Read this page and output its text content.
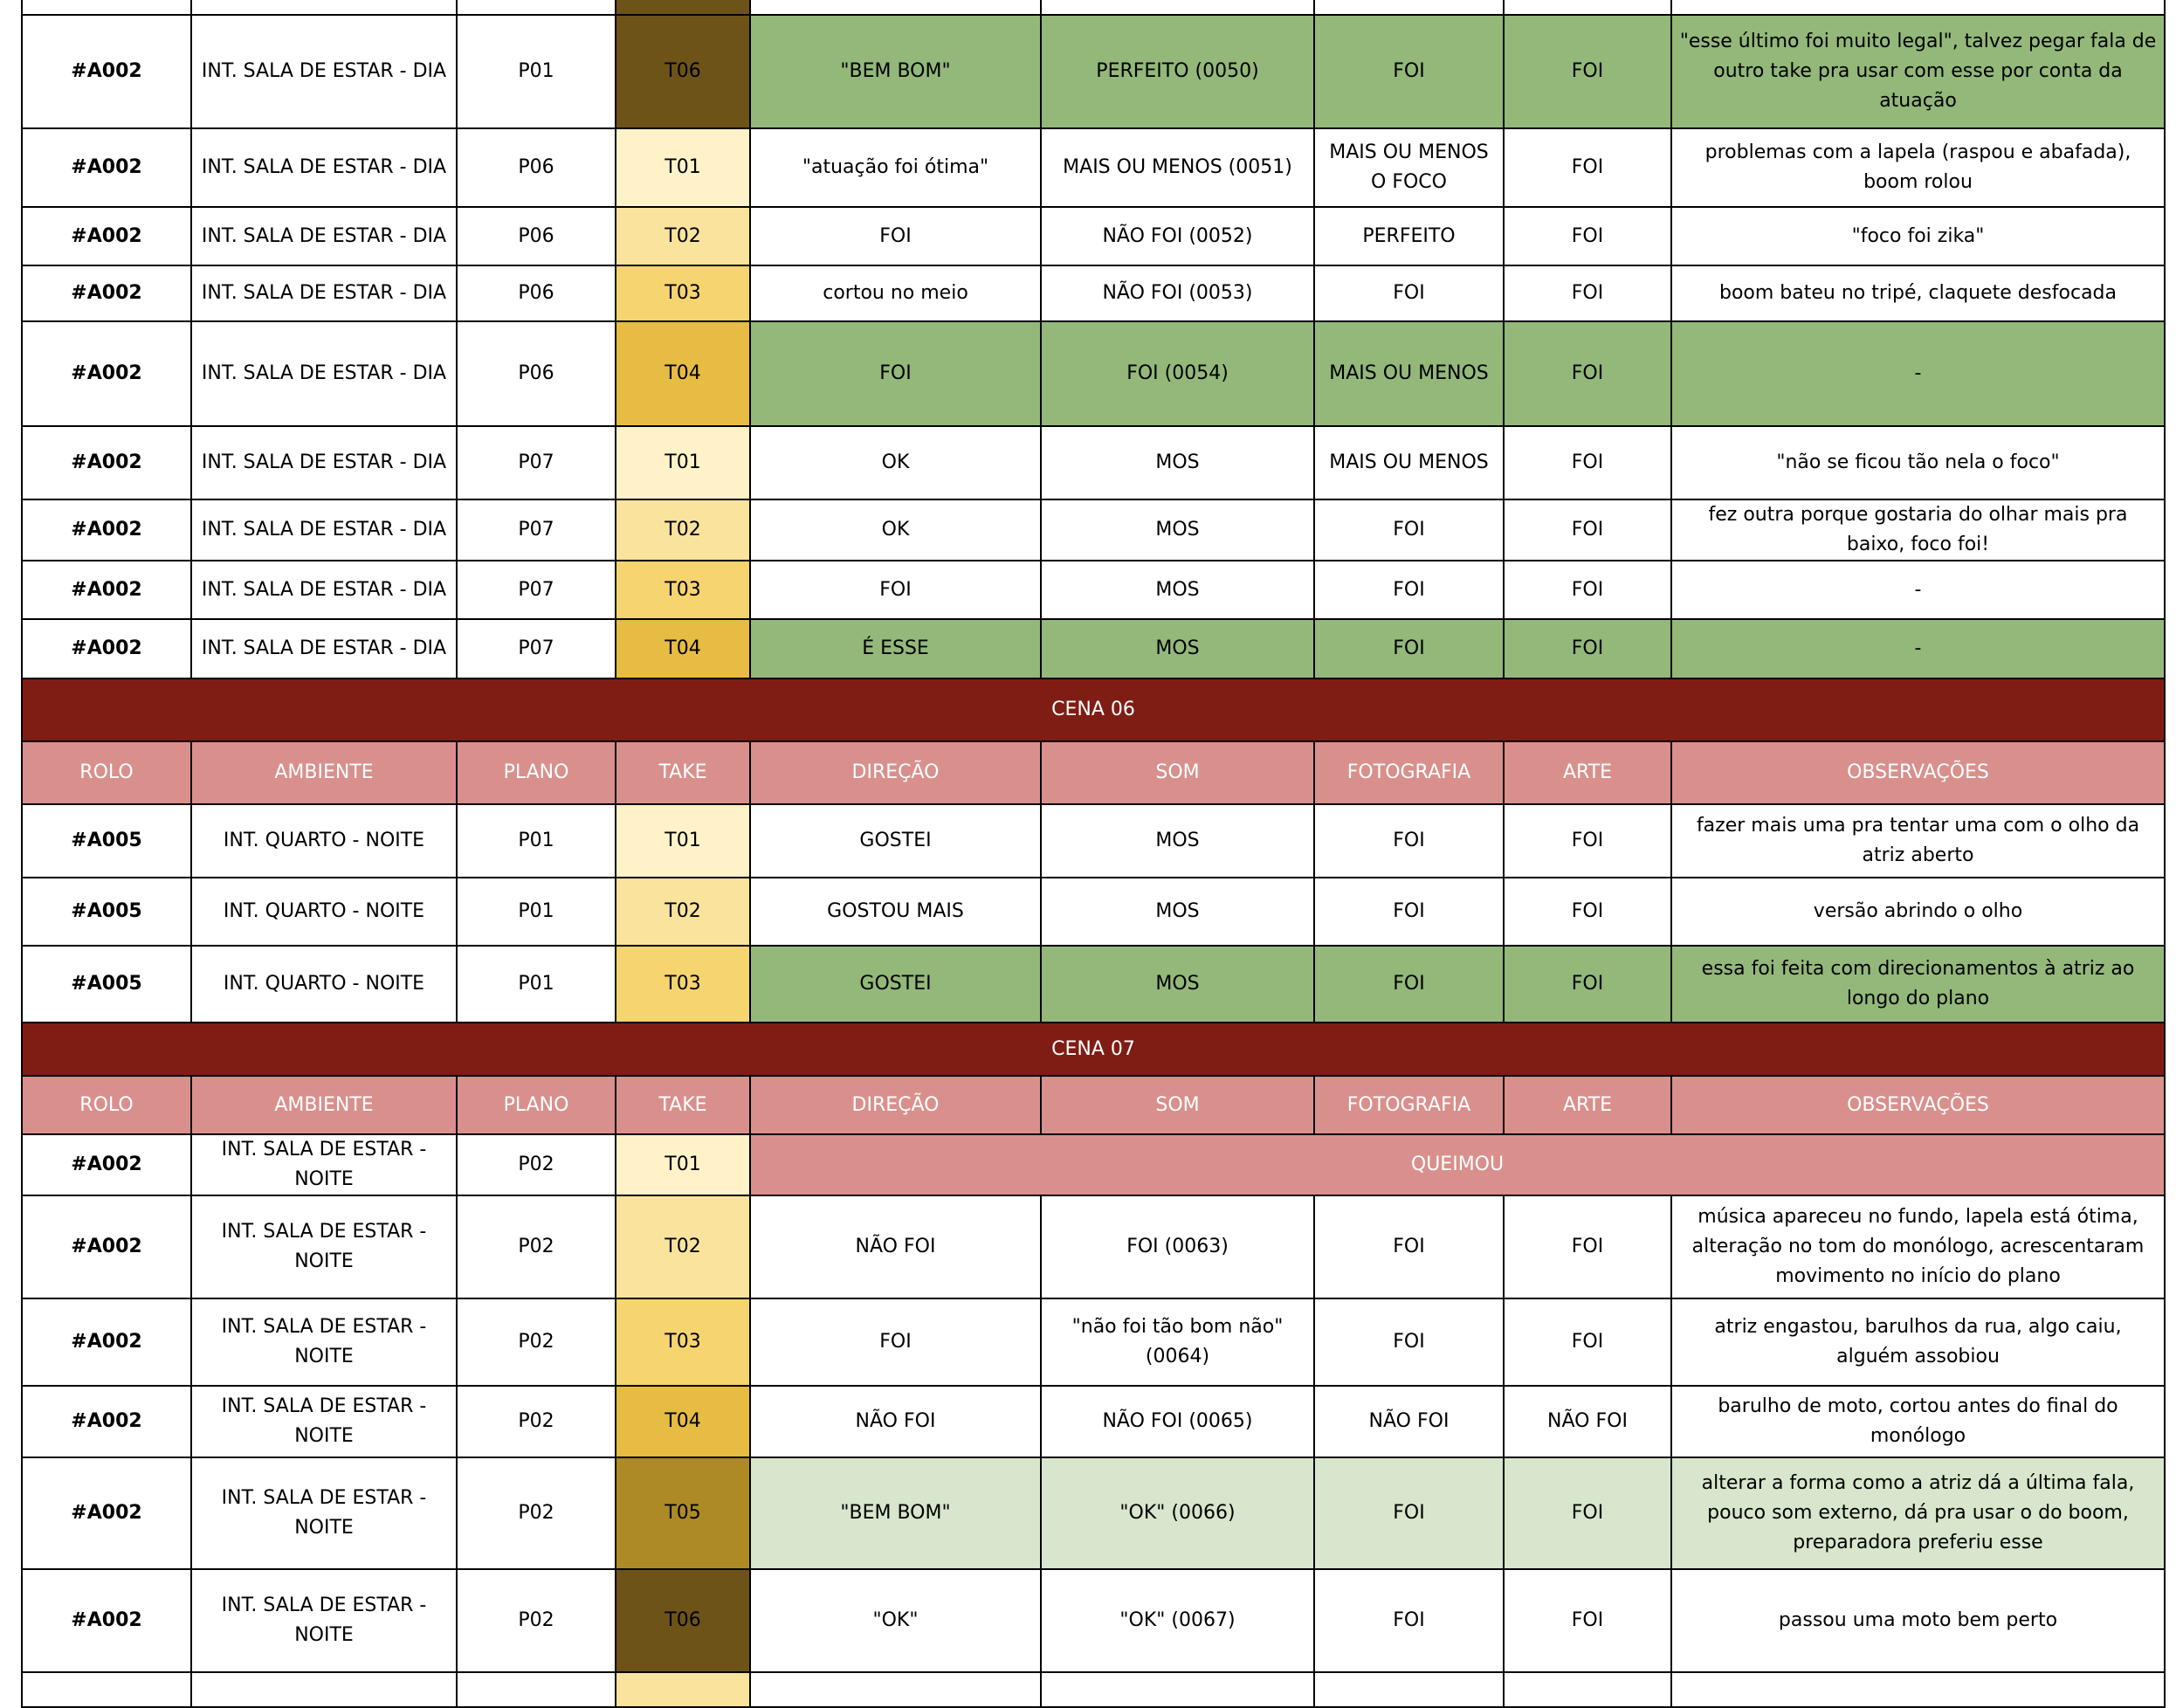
#A002	INT. SALA DE ESTAR - DIA	P01	T06	"BEM BOM"	PERFEITO (0050)	FOI	FOI	"esse último foi muito legal", talvez pegar fala de outro take pra usar com esse por conta da atuação
#A002	INT. SALA DE ESTAR - DIA	P06	T01	"atuação foi ótima"	MAIS OU MENOS (0051)	MAIS OU MENOS O FOCO	FOI	problemas com a lapela (raspou e abafada), boom rolou
#A002	INT. SALA DE ESTAR - DIA	P06	T02	FOI	NÃO FOI (0052)	PERFEITO	FOI	"foco foi zika"
#A002	INT. SALA DE ESTAR - DIA	P06	T03	cortou no meio	NÃO FOI (0053)	FOI	FOI	boom bateu no tripé, claquete desfocada
#A002	INT. SALA DE ESTAR - DIA	P06	T04	FOI	FOI (0054)	MAIS OU MENOS	FOI	-
#A002	INT. SALA DE ESTAR - DIA	P07	T01	OK	MOS	MAIS OU MENOS	FOI	"não se ficou tão nela o foco"
#A002	INT. SALA DE ESTAR - DIA	P07	T02	OK	MOS	FOI	FOI	fez outra porque gostaria do olhar mais pra baixo, foco foi!
#A002	INT. SALA DE ESTAR - DIA	P07	T03	FOI	MOS	FOI	FOI	-
#A002	INT. SALA DE ESTAR - DIA	P07	T04	É ESSE	MOS	FOI	FOI	-
CENA 06								
ROLO	AMBIENTE	PLANO	TAKE	DIREÇÃO	SOM	FOTOGRAFIA	ARTE	OBSERVAÇÕES
#A005	INT. QUARTO - NOITE	P01	T01	GOSTEI	MOS	FOI	FOI	fazer mais uma pra tentar uma com o olho da atriz aberto
#A005	INT. QUARTO - NOITE	P01	T02	GOSTOU MAIS	MOS	FOI	FOI	versão abrindo o olho
#A005	INT. QUARTO - NOITE	P01	T03	GOSTEI	MOS	FOI	FOI	essa foi feita com direcionamentos à atriz ao longo do plano
CENA 07								
ROLO	AMBIENTE	PLANO	TAKE	DIREÇÃO	SOM	FOTOGRAFIA	ARTE	OBSERVAÇÕES
#A002	INT. SALA DE ESTAR - NOITE	P02	T01	QUEIMOU				
#A002	INT. SALA DE ESTAR - NOITE	P02	T02	NÃO FOI	FOI (0063)	FOI	FOI	música apareceu no fundo, lapela está ótima, alteração no tom do monólogo, acrescentaram movimento no início do plano
#A002	INT. SALA DE ESTAR - NOITE	P02	T03	FOI	"não foi tão bom não" (0064)	FOI	FOI	atriz engastou, barulhos da rua, algo caiu, alguém assobiou
#A002	INT. SALA DE ESTAR - NOITE	P02	T04	NÃO FOI	NÃO FOI (0065)	NÃO FOI	NÃO FOI	barulho de moto, cortou antes do final do monólogo
#A002	INT. SALA DE ESTAR - NOITE	P02	T05	"BEM BOM"	"OK" (0066)	FOI	FOI	alterar a forma como a atriz dá a última fala, pouco som externo, dá pra usar o do boom, preparadora preferiu esse
#A002	INT. SALA DE ESTAR - NOITE	P02	T06	"OK"	"OK" (0067)	FOI	FOI	passou uma moto bem perto
